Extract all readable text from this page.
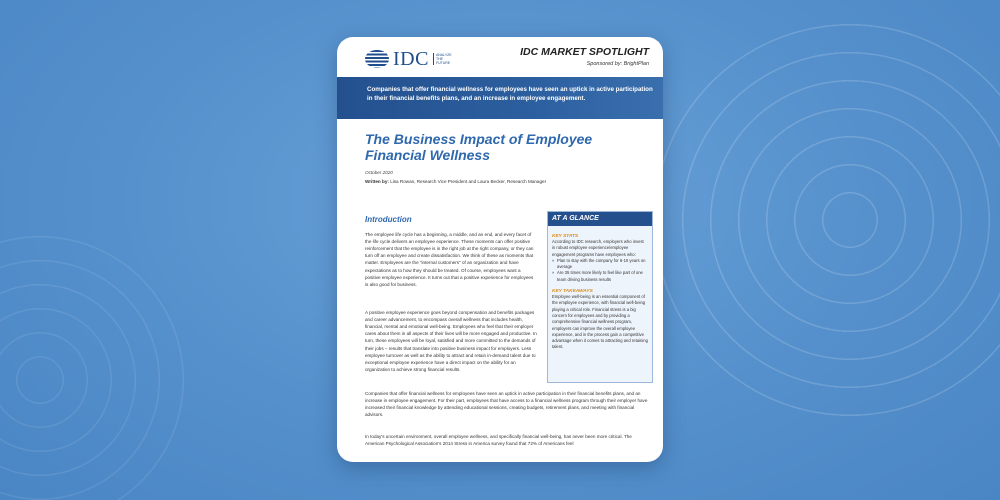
IDC	ANALYZE THE FUTURE
IDC MARKET SPOTLIGHT
Sponsored by: BrightPlan
Companies that offer financial wellness for employees have seen an uptick in active participation in their financial benefits plans, and an increase in employee engagement.
The Business Impact of Employee Financial Wellness
October 2020
Written by: Lisa Rowan, Research Vice President and Laura Becker, Research Manager
Introduction
The employee life cycle has a beginning, a middle, and an end, and every facet of the life cycle delivers an employee experience. These moments can offer positive reinforcement that the employee is in the right job at the right company, or they can turn off an employee and create dissatisfaction. We think of these as moments that matter. Employees are the "internal customers" of an organization and have expectations as to how they should be treated. Of course, employees want a positive employee experience. It turns out that a positive experience for employees is also good for business.
A positive employee experience goes beyond compensation and benefits packages and career advancement, to encompass overall wellness that includes health, financial, mental and emotional well-being. Employees who feel that their employer cares about them in all aspects of their lives will be more engaged and productive. In turn, these employees will be loyal, satisfied and more committed to the demands of their jobs – results that translate into positive business impact for employers. Less employee turnover as well as the ability to attract and retain in-demand talent due to exceptional employee experience have a direct impact on the ability for an organization to achieve strong financial results.
Companies that offer financial wellness for employees have seen an uptick in active participation in their financial benefits plans, and an increase in employee engagement. For their part, employees that have access to a financial wellness program through their employer have increased their financial knowledge by attending educational sessions, creating budgets, retirement plans, and meeting with financial advisors.
In today's uncertain environment, overall employee wellness, and specifically financial well-being, has never been more critical. The American Psychological Association's 2014 Stress in America survey found that 72% of Americans feel
AT A GLANCE
KEY STATS
According to IDC research, employers who invest in robust employee experience/employee engagement programs have employees who:
» Plan to stay with the company for 6-10 years on average
» Are 35 times more likely to feel like part of one team driving business results
KEY TAKEAWAYS
Employee well-being is an essential component of the employee experience, with financial well-being playing a critical role. Financial stress is a big concern for employees and by providing a comprehensive financial wellness program, employers can improve the overall employee experience, and in the process gain a competitive advantage when it comes to attracting and retaining talent.
